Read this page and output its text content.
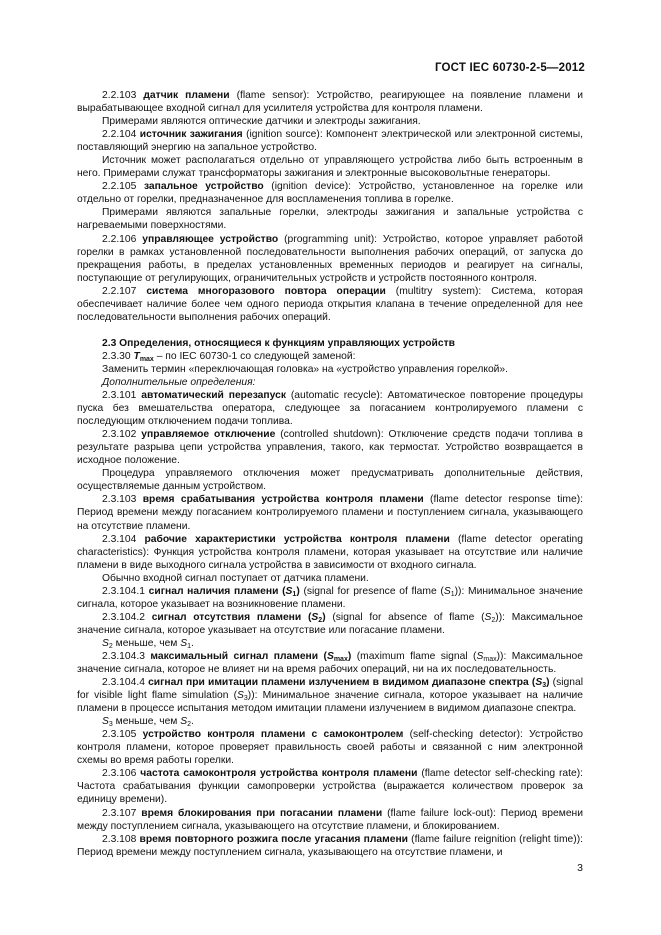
ГОСТ IEC 60730-2-5—2012

2.2.103 датчик пламени (flame sensor): Устройство, реагирующее на появление пламени и вырабатывающее входной сигнал для усилителя устройства для контроля пламени.

Примерами являются оптические датчики и электроды зажигания.

2.2.104 источник зажигания (ignition source): Компонент электрической или электронной системы, поставляющий энергию на запальное устройство.

Источник может располагаться отдельно от управляющего устройства либо быть встроенным в него. Примерами служат трансформаторы зажигания и электронные высоковольтные генераторы.

2.2.105 запальное устройство (ignition device): Устройство, установленное на горелке или отдельно от горелки, предназначенное для воспламенения топлива в горелке.

Примерами являются запальные горелки, электроды зажигания и запальные устройства с нагреваемыми поверхностями.

2.2.106 управляющее устройство (programming unit): Устройство, которое управляет работой горелки в рамках установленной последовательности выполнения рабочих операций, от запуска до прекращения работы, в пределах установленных временных периодов и реагирует на сигналы, поступающие от регулирующих, ограничительных устройств и устройств постоянного контроля.

2.2.107 система многоразового повтора операции (multitry system): Система, которая обеспечивает наличие более чем одного периода открытия клапана в течение определенной для нее последовательности выполнения рабочих операций.

2.3 Определения, относящиеся к функциям управляющих устройств

2.3.30 $T_{max}$ – по IEC 60730-1 со следующей заменой:

Заменить термин «переключающая головка» на «устройство управления горелкой».

Дополнительные определения:

2.3.101 автоматический перезапуск (automatic recycle): Автоматическое повторение процедуры пуска без вмешательства оператора, следующее за погасанием контролируемого пламени с последующим отключением подачи топлива.

2.3.102 управляемое отключение (controlled shutdown): Отключение средств подачи топлива в результате разрыва цепи устройства управления, такого, как термостат. Устройство возвращается в исходное положение.

Процедура управляемого отключения может предусматривать дополнительные действия, осуществляемые данным устройством.

2.3.103 время срабатывания устройства контроля пламени (flame detector response time): Период времени между погасанием контролируемого пламени и поступлением сигнала, указывающего на отсутствие пламени.

2.3.104 рабочие характеристики устройства контроля пламени (flame detector operating characteristics): Функция устройства контроля пламени, которая указывает на отсутствие или наличие пламени в виде выходного сигнала устройства в зависимости от входного сигнала.

Обычно входной сигнал поступает от датчика пламени.

2.3.104.1 сигнал наличия пламени $(S_1)$ (signal for presence of flame $(S_1)$): Минимальное значение сигнала, которое указывает на возникновение пламени.

2.3.104.2 сигнал отсутствия пламени $(S_2)$ (signal for absence of flame $(S_2)$): Максимальное значение сигнала, которое указывает на отсутствие или погасание пламени.

$S_2$ меньше, чем $S_1$.

2.3.104.3 максимальный сигнал пламени $(S_{max})$ (maximum flame signal $(S_{max})$): Максимальное значение сигнала, которое не влияет ни на время рабочих операций, ни на их последовательность.

2.3.104.4 сигнал при имитации пламени излучением в видимом диапазоне спектра $(S_3)$ (signal for visible light flame simulation $(S_3)$): Минимальное значение сигнала, которое указывает на наличие пламени в процессе испытания методом имитации пламени излучением в видимом диапазоне спектра.

$S_3$ меньше, чем $S_2$.

2.3.105 устройство контроля пламени с самоконтролем (self-checking detector): Устройство контроля пламени, которое проверяет правильность своей работы и связанной с ним электронной схемы во время работы горелки.

2.3.106 частота самоконтроля устройства контроля пламени (flame detector self-checking rate): Частота срабатывания функции самопроверки устройства (выражается количеством проверок за единицу времени).

2.3.107 время блокирования при погасании пламени (flame failure lock-out): Период времени между поступлением сигнала, указывающего на отсутствие пламени, и блокированием.

2.3.108 время повторного розжига после угасания пламени (flame failure reignition (relight time)): Период времени между поступлением сигнала, указывающего на отсутствие пламени, и

3
